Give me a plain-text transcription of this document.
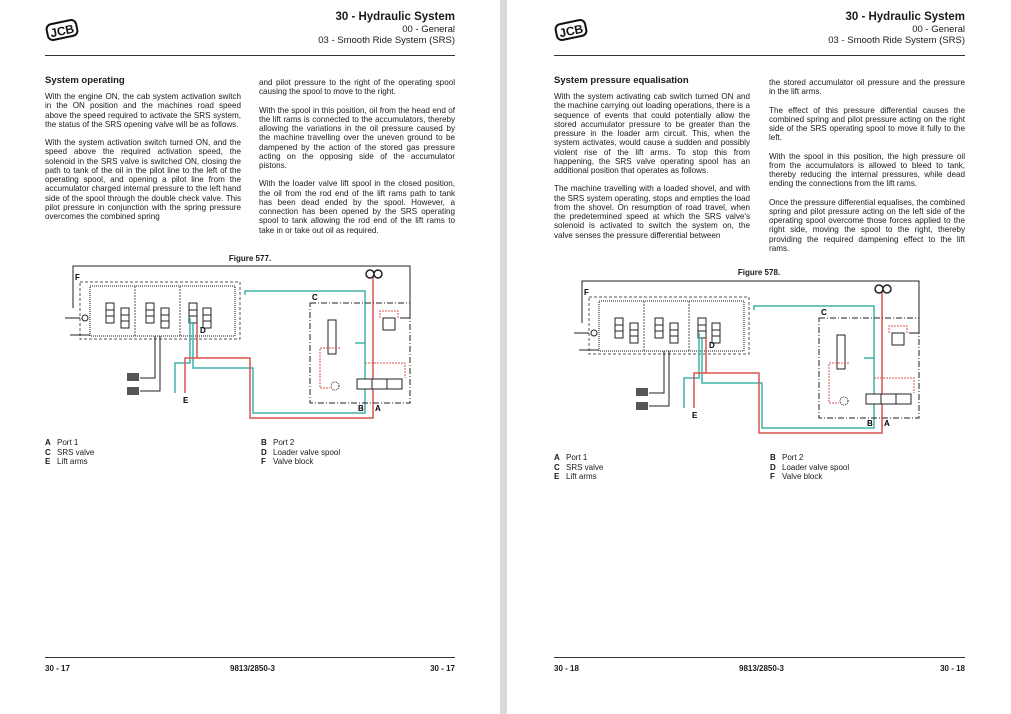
JCB
30 - Hydraulic System
00 - General
03 - Smooth Ride System (SRS)
System operating

With the engine ON, the cab system activation switch in the ON position and the machines road speed above the speed required to activate the SRS system, the status of the SRS opening valve will be as follows.

With the system activation switch turned ON, and the speed above the required activation speed, the solenoid in the SRS valve is switched ON, closing the path to tank of the oil in the pilot line to the left of the operating spool, and opening a pilot line from the accumulator charged internal pressure to the left hand side of the spool through the double check valve. This pilot pressure in conjunction with the spring pressure overcomes the combined spring

and pilot pressure to the right of the operating spool causing the spool to move to the right.

With the spool in this position, oil from the head end of the lift rams is connected to the accumulators, thereby allowing the variations in the oil pressure caused by the machine travelling over the uneven ground to be dampened by the action of the stored gas pressure acting on the opposing side of the accumulator pistons.

With the loader valve lift spool in the closed position, the oil from the rod end of the lift rams path to tank has been dead ended by the spool. However, a connection has been opened by the SRS operating spool to tank allowing the rod end of the lift rams to take in or take out oil as required.

Figure 577.
F
C
D
E
B A
A Port 1
C SRS valve
E Lift arms
B Port 2
D Loader valve spool
F Valve block
30 - 17	9813/2850-3	30 - 17
JCB
30 - Hydraulic System
00 - General
03 - Smooth Ride System (SRS)
System pressure equalisation

With the system activating cab switch turned ON and the machine carrying out loading operations, there is a sequence of events that could potentially allow the stored accumulator pressure to be greater than the pressure in the loader arm circuit. This, when the system activates, would cause a sudden and possibly violent rise of the lift arms. To stop this from happening, the SRS valve operating spool has an additional position that operates as follows.

The machine travelling with a loaded shovel, and with the SRS system operating, stops and empties the load from the shovel. On resumption of road travel, when the predetermined speed at which the SRS valve's solenoid is activated to switch the system on, the valve senses the pressure differential between

the stored accumulator oil pressure and the pressure in the lift arms.

The effect of this pressure differential causes the combined spring and pilot pressure acting on the right side of the SRS operating spool to move it fully to the left.

With the spool in this position, the high pressure oil from the accumulators is allowed to bleed to tank, thereby reducing the internal pressures, while dead ending the connections from the lift rams.

Once the pressure differential equalises, the combined spring and pilot pressure acting on the left side of the operating spool overcome those forces applied to the right side, moving the spool to the right, thereby providing the required dampening effect to the lift rams.

Figure 578.
F
C
D
E
B A
A Port 1
C SRS valve
E Lift arms
B Port 2
D Loader valve spool
F Valve block
30 - 18	9813/2850-3	30 - 18
